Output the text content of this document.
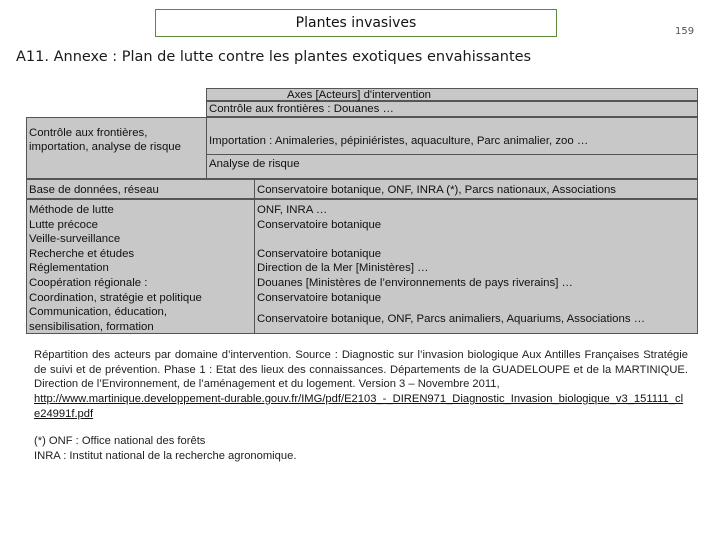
Plantes invasives
159
A11. Annexe : Plan de lutte contre les plantes exotiques envahissantes
Axes [Acteurs] d'intervention
Contrôle aux frontières : Douanes …
Contrôle aux frontières,
importation, analyse de risque	Importation : Animaleries, pépiniéristes, aquaculture, Parc animalier, zoo …
Analyse de risque
Base de données, réseau	Conservatoire botanique, ONF, INRA (*), Parcs nationaux, Associations
Méthode de lutte
Lutte précoce
Veille-surveillance
Recherche et études
Réglementation
Coopération régionale :
Coordination, stratégie et politique
Communication, éducation,
sensibilisation, formation
ONF, INRA …
Conservatoire botanique
Conservatoire botanique
Direction de la Mer [Ministères] …
Douanes [Ministères de l’environnements de pays riverains] …
Conservatoire botanique
Conservatoire botanique, ONF, Parcs animaliers, Aquariums, Associations …

Répartition des acteurs par domaine d’intervention. Source : Diagnostic sur l’invasion biologique Aux Antilles Françaises Stratégie de suivi et de prévention. Phase 1 : Etat des lieux des connaissances. Départements de la GUADELOUPE et de la MARTINIQUE. Direction de l’Environnement, de l’aménagement et du logement. Version 3 – Novembre 2011,

http://www.martinique.developpement-durable.gouv.fr/IMG/pdf/E2103_-_DIREN971_Diagnostic_Invasion_biologique_v3_151111_cle24991f.pdf
(*) ONF : Office national des forêts
INRA : Institut national de la recherche agronomique.
